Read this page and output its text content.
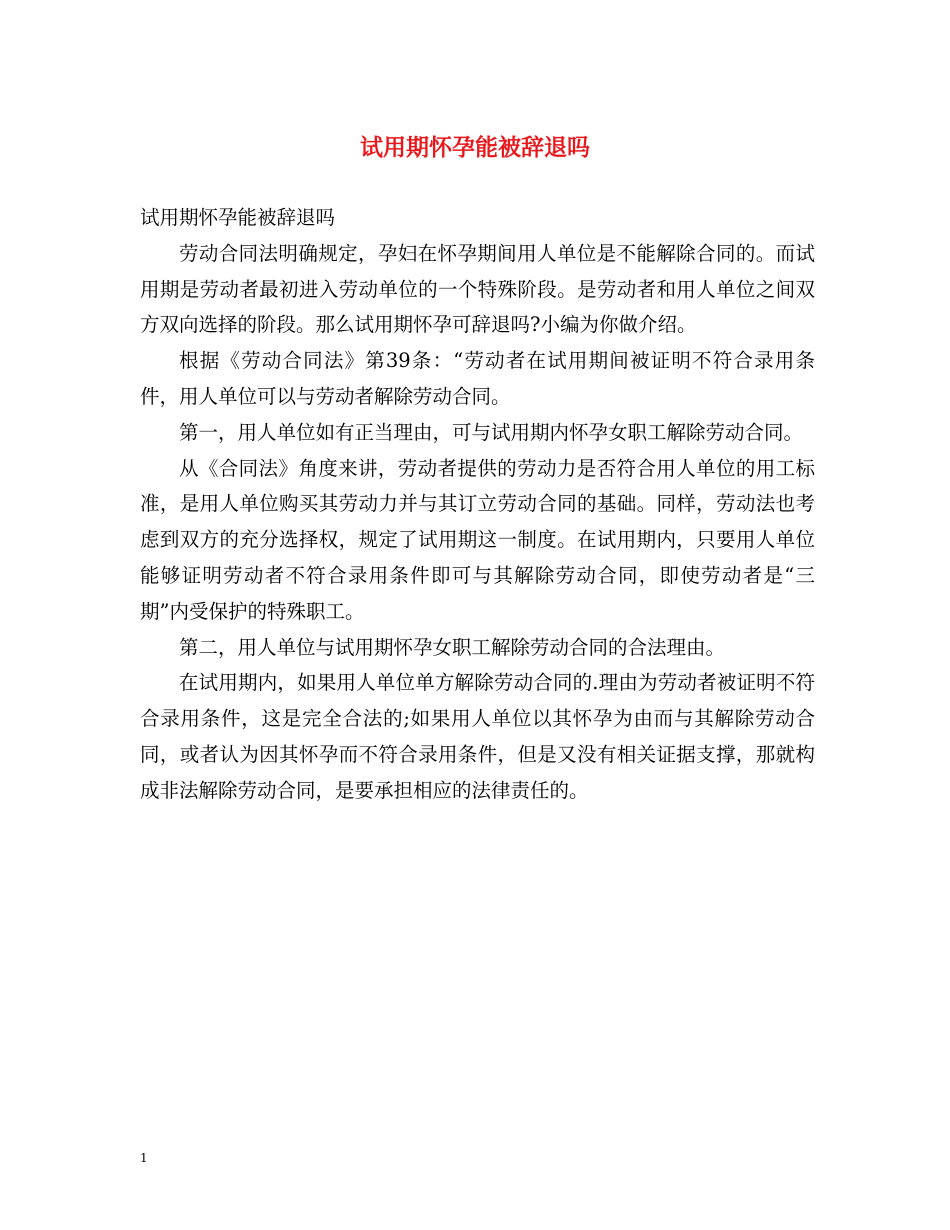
试用期怀孕能被辞退吗

试用期怀孕能被辞退吗

劳动合同法明确规定，孕妇在怀孕期间用人单位是不能解除合同的。而试用期是劳动者最初进入劳动单位的一个特殊阶段。是劳动者和用人单位之间双方双向选择的阶段。那么试用期怀孕可辞退吗?小编为你做介绍。

根据《劳动合同法》第39条：“劳动者在试用期间被证明不符合录用条件，用人单位可以与劳动者解除劳动合同。

第一，用人单位如有正当理由，可与试用期内怀孕女职工解除劳动合同。

从《合同法》角度来讲，劳动者提供的劳动力是否符合用人单位的用工标准，是用人单位购买其劳动力并与其订立劳动合同的基础。同样，劳动法也考虑到双方的充分选择权，规定了试用期这一制度。在试用期内，只要用人单位能够证明劳动者不符合录用条件即可与其解除劳动合同，即使劳动者是“三期”内受保护的特殊职工。

第二，用人单位与试用期怀孕女职工解除劳动合同的合法理由。

在试用期内，如果用人单位单方解除劳动合同的.理由为劳动者被证明不符合录用条件，这是完全合法的;如果用人单位以其怀孕为由而与其解除劳动合同，或者认为因其怀孕而不符合录用条件，但是又没有相关证据支撑，那就构成非法解除劳动合同，是要承担相应的法律责任的。

1
